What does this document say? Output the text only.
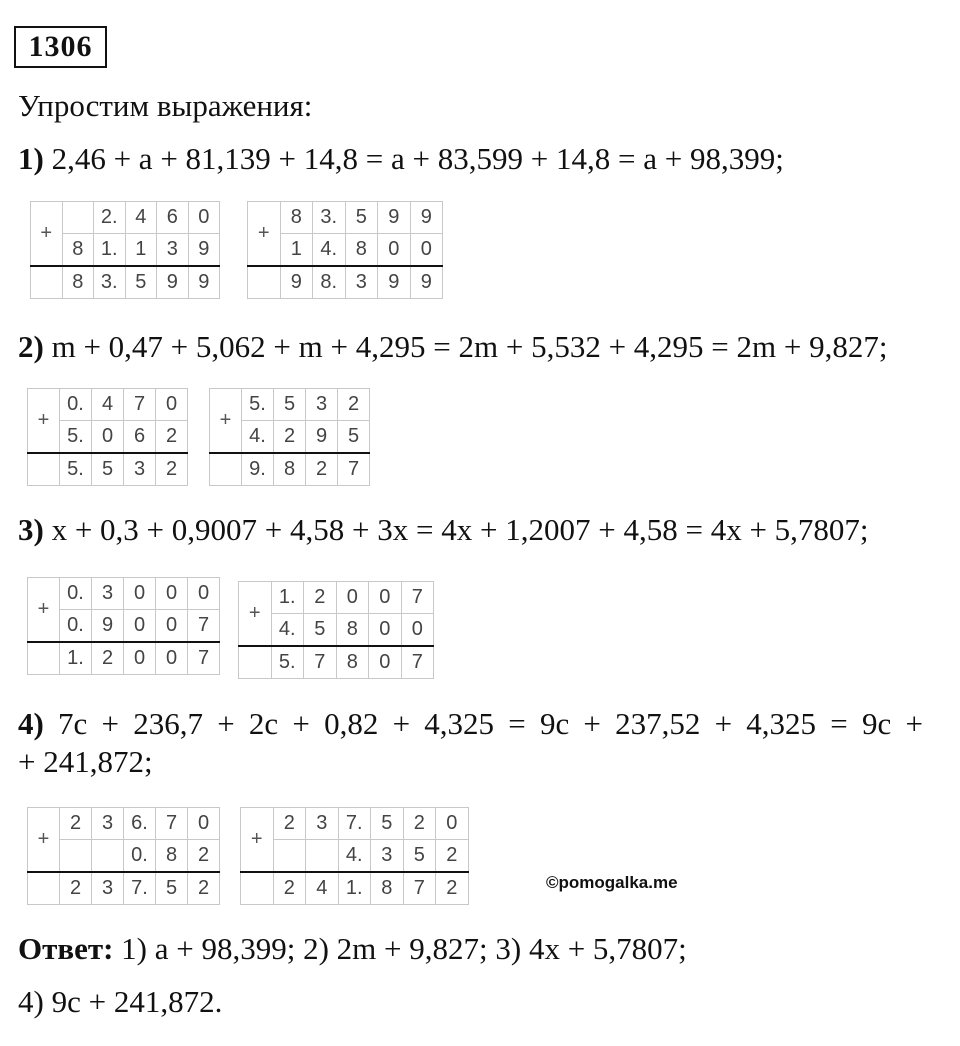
1306
Упростим выражения:
1) 2,46 + a + 81,139 + 14,8 = a + 83,599 + 14,8 = a + 98,399;
2) m + 0,47 + 5,062 + m + 4,295 = 2m + 5,532 + 4,295 = 2m + 9,827;
3) x + 0,3 + 0,9007 + 4,58 + 3x = 4x + 1,2007 + 4,58 = 4x + 5,7807;
4) 7c + 236,7 + 2c + 0,82 + 4,325 = 9c + 237,52 + 4,325 = 9c +
+ 241,872;
+		2.	4	6	0
	8	1.	1	3	9
	8	3.	5	9	9
+	8	3.	5	9	9
	1	4.	8	0	0
	9	8.	3	9	9
+	0.	4	7	0
	5.	0	6	2
	5.	5	3	2
+	5.	5	3	2
	4.	2	9	5
	9.	8	2	7
+	0.	3	0	0	0
	0.	9	0	0	7
	1.	2	0	0	7
+	1.	2	0	0	7
	4.	5	8	0	0
	5.	7	8	0	7
+	2	3	6.	7	0
			0.	8	2
	2	3	7.	5	2
+	2	3	7.	5	2	0
			4.	3	5	2
	2	4	1.	8	7	2	©pomogalka.me
Ответ: 1) a + 98,399; 2) 2m + 9,827; 3) 4x + 5,7807;
4) 9c + 241,872.
